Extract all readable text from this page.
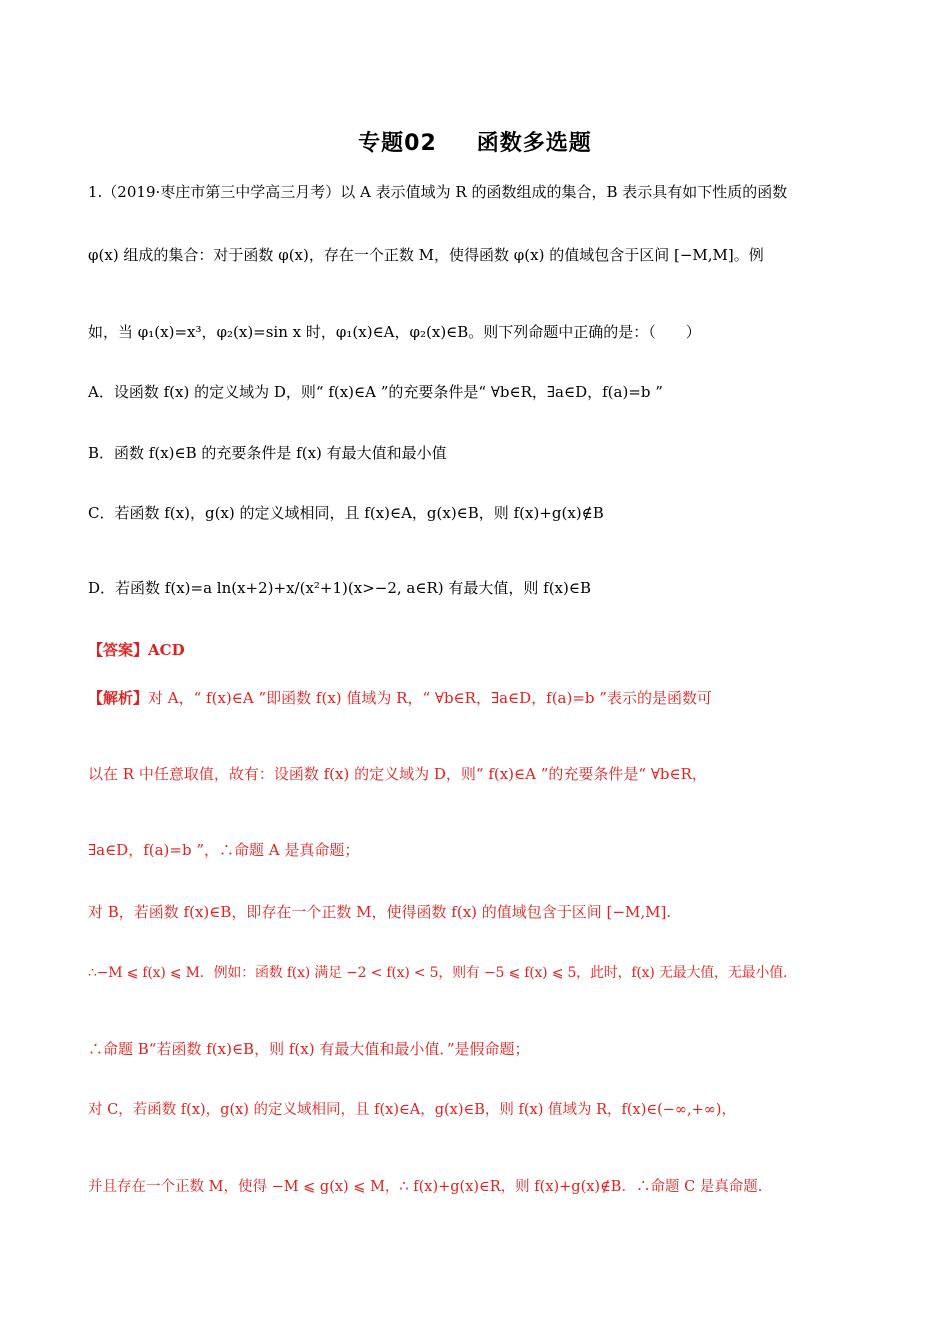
专题02 函数多选题
1.（2019·枣庄市第三中学高三月考）以 A 表示值域为 R 的函数组成的集合，B 表示具有如下性质的函数
φ(x) 组成的集合：对于函数 φ(x)，存在一个正数 M，使得函数 φ(x) 的值域包含于区间 [−M,M]。例
如，当 φ₁(x)=x³，φ₂(x)=sin x 时，φ₁(x)∈A，φ₂(x)∈B。则下列命题中正确的是：（　　）
A．设函数 f(x) 的定义域为 D，则“ f(x)∈A ”的充要条件是“ ∀b∈R，∃a∈D，f(a)=b ”
B．函数 f(x)∈B 的充要条件是 f(x) 有最大值和最小值
C．若函数 f(x)，g(x) 的定义域相同，且 f(x)∈A，g(x)∈B，则 f(x)+g(x)∉B
D．若函数 f(x)=a ln(x+2)+x/(x²+1)(x>−2, a∈R) 有最大值，则 f(x)∈B
【答案】ACD
【解析】对 A，“ f(x)∈A ”即函数 f(x) 值域为 R，“ ∀b∈R，∃a∈D，f(a)=b ”表示的是函数可
以在 R 中任意取值，故有：设函数 f(x) 的定义域为 D，则“ f(x)∈A ”的充要条件是“ ∀b∈R，
∃a∈D，f(a)=b ”，∴命题 A 是真命题；
对 B，若函数 f(x)∈B，即存在一个正数 M，使得函数 f(x) 的值域包含于区间 [−M,M].
∴−M ⩽ f(x) ⩽ M．例如：函数 f(x) 满足 −2 < f(x) < 5，则有 −5 ⩽ f(x) ⩽ 5，此时，f(x) 无最大值，无最小值.
∴命题 B“若函数 f(x)∈B，则 f(x) 有最大值和最小值．”是假命题；
对 C，若函数 f(x)，g(x) 的定义域相同，且 f(x)∈A，g(x)∈B，则 f(x) 值域为 R，f(x)∈(−∞,+∞)，
并且存在一个正数 M，使得 −M ⩽ g(x) ⩽ M，∴ f(x)+g(x)∈R，则 f(x)+g(x)∉B．∴命题 C 是真命题.
